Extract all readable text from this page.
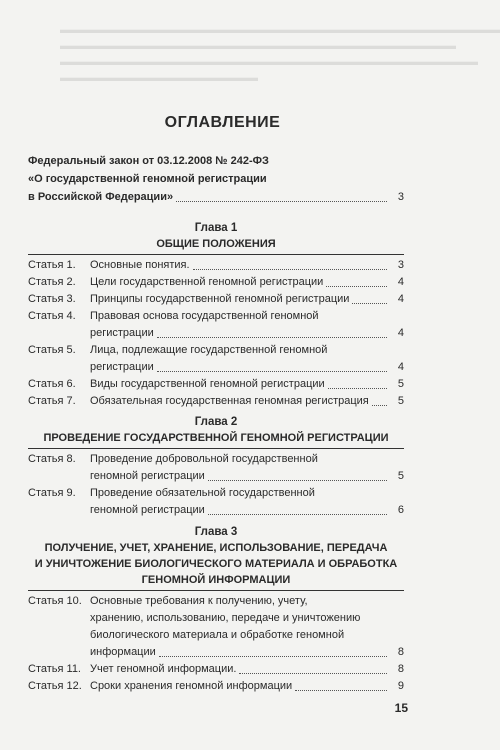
▬▬▬▬▬▬▬▬▬▬▬▬▬▬▬▬▬▬▬▬▬▬▬▬▬▬▬▬▬▬▬▬▬▬▬▬▬▬▬▬
▬▬▬▬▬▬▬▬▬▬▬▬▬▬▬▬▬▬▬▬▬▬▬▬▬▬▬▬▬▬▬▬▬▬▬▬
▬▬▬▬▬▬▬▬▬▬▬▬▬▬▬▬▬▬▬▬▬▬▬▬▬▬▬▬▬▬▬▬▬▬▬▬▬▬
▬▬▬▬▬▬▬▬▬▬▬▬▬▬▬▬▬▬
ОГЛАВЛЕНИЕ
Федеральный закон от 03.12.2008 № 242-ФЗ
«О государственной геномной регистрации
в Российской Федерации»	3
Глава 1
ОБЩИЕ ПОЛОЖЕНИЯ
Статья 1.	Основные понятия.	3
Статья 2.	Цели государственной геномной регистрации	4
Статья 3.	Принципы государственной геномной регистрации	4
Статья 4.	Правовая основа государственной геномной
регистрации	4
Статья 5.	Лица, подлежащие государственной геномной
регистрации	4
Статья 6.	Виды государственной геномной регистрации	5
Статья 7.	Обязательная государственная геномная регистрация	5
Глава 2
ПРОВЕДЕНИЕ ГОСУДАРСТВЕННОЙ ГЕНОМНОЙ РЕГИСТРАЦИИ
Статья 8.	Проведение добровольной государственной
геномной регистрации	5
Статья 9.	Проведение обязательной государственной
геномной регистрации	6
Глава 3
ПОЛУЧЕНИЕ, УЧЕТ, ХРАНЕНИЕ, ИСПОЛЬЗОВАНИЕ, ПЕРЕДАЧА
И УНИЧТОЖЕНИЕ БИОЛОГИЧЕСКОГО МАТЕРИАЛА И ОБРАБОТКА
ГЕНОМНОЙ ИНФОРМАЦИИ
Статья 10. Основные требования к получению, учету,
хранению, использованию, передаче и уничтожению
биологического материала и обработке геномной
информации	8
Статья 11. Учет геномной информации.	8
Статья 12. Сроки хранения геномной информации	9
15
